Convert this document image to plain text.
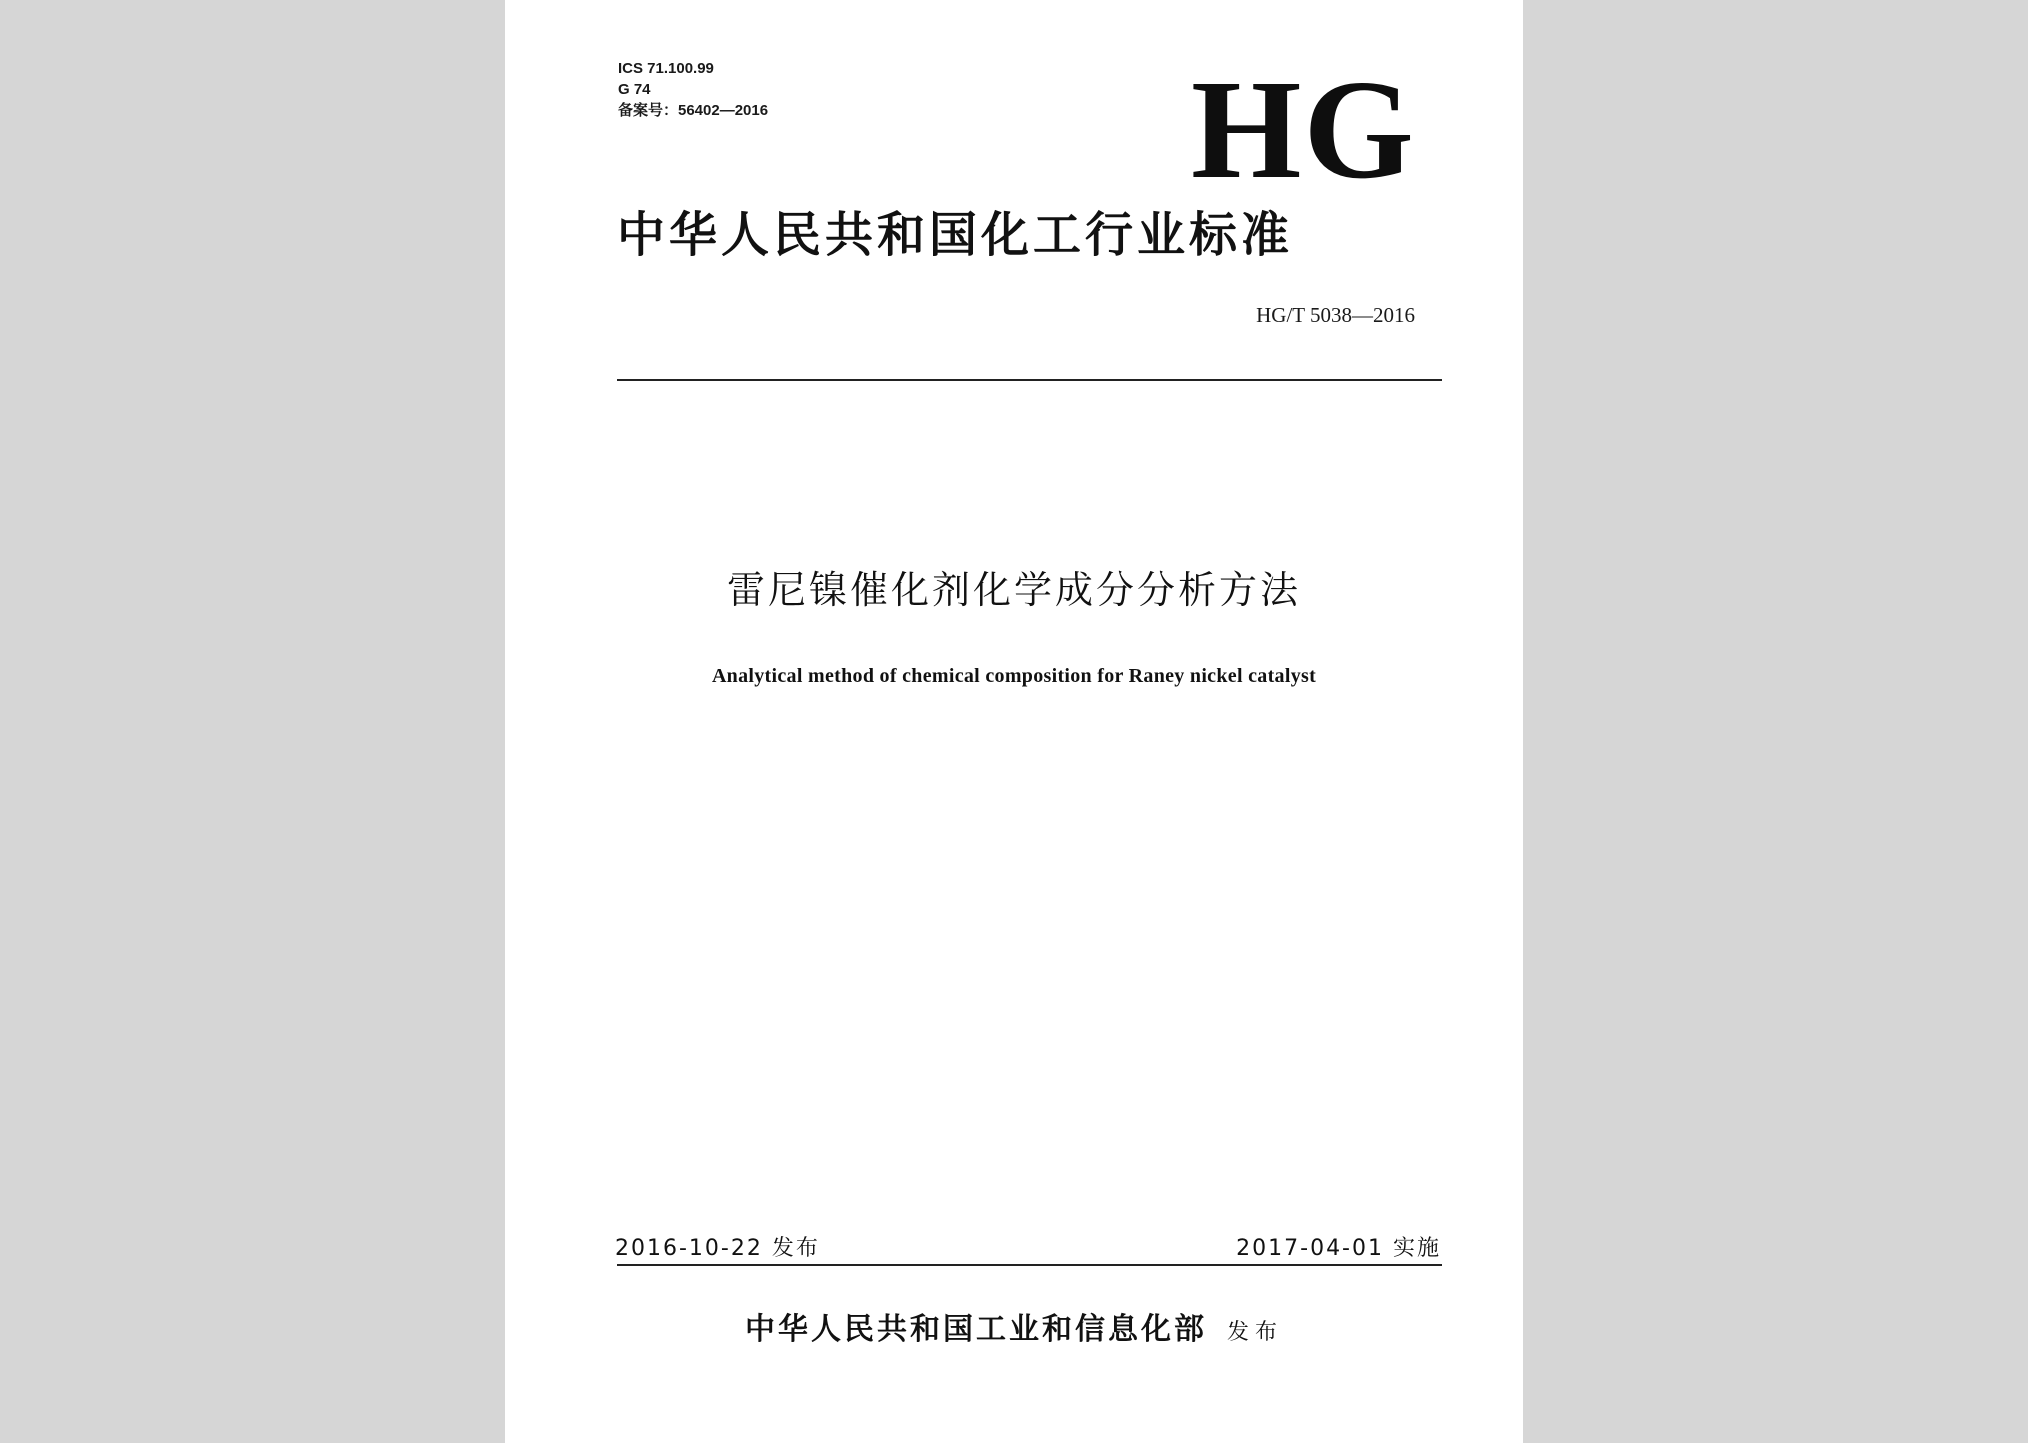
ICS 71.100.99
G 74
备案号：56402—2016	HG
中华人民共和国化工行业标准
HG/T 5038—2016
雷尼镍催化剂化学成分分析方法
Analytical method of chemical composition for Raney nickel catalyst
2016-10-22 发布	2017-04-01 实施
中华人民共和国工业和信息化部 发布
